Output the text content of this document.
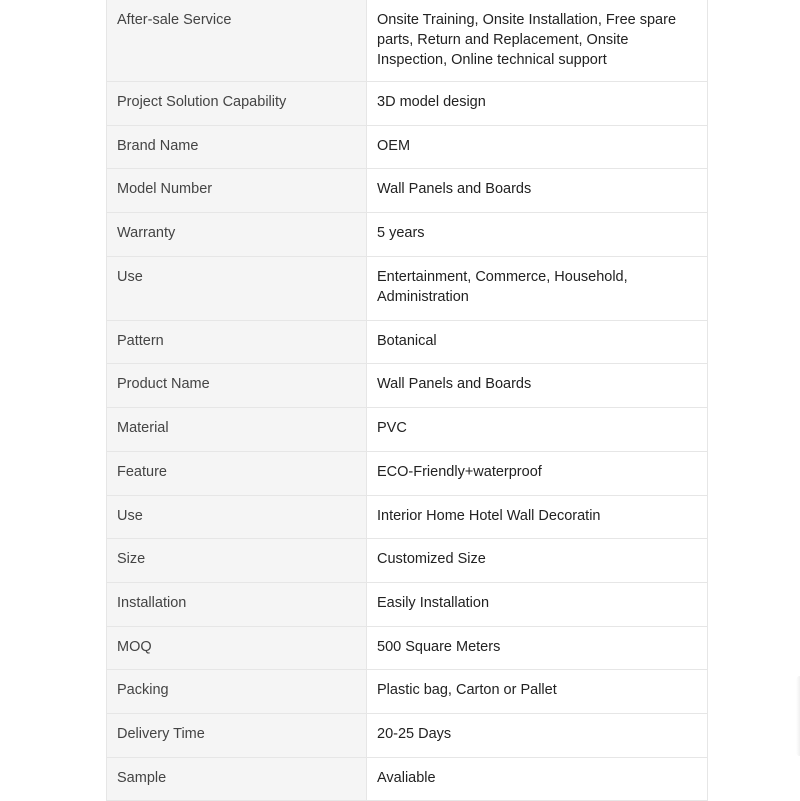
After-sale Service	Onsite Training, Onsite Installation, Free spare parts, Return and Replacement, Onsite Inspection, Online technical support
Project Solution Capability	3D model design
Brand Name	OEM
Model Number	Wall Panels and Boards
Warranty	5 years
Use	Entertainment, Commerce, Household, Administration
Pattern	Botanical
Product Name	Wall Panels and Boards
Material	PVC
Feature	ECO-Friendly+waterproof
Use	Interior Home Hotel Wall Decoratin
Size	Customized Size
Installation	Easily Installation
MOQ	500 Square Meters
Packing	Plastic bag, Carton or Pallet
Delivery Time	20-25 Days
Sample	Avaliable
